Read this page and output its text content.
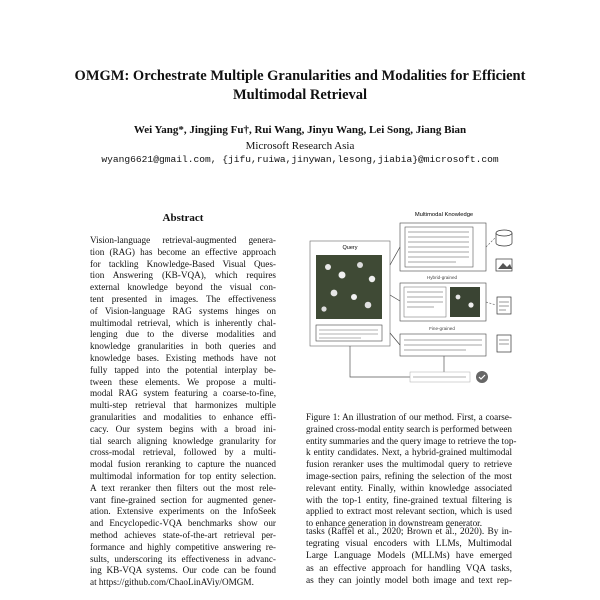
OMGM: Orchestrate Multiple Granularities and Modalities for Efficient
Multimodal Retrieval
Wei Yang*, Jingjing Fu†, Rui Wang, Jinyu Wang, Lei Song, Jiang Bian
Microsoft Research Asia
wyang6621@gmail.com, {jifu,ruiwa,jinywan,lesong,jiabia}@microsoft.com
Abstract
Vision-language retrieval-augmented genera-
tion (RAG) has become an effective approach
for tackling Knowledge-Based Visual Ques-
tion Answering (KB-VQA), which requires
external knowledge beyond the visual con-
tent presented in images. The effectiveness
of Vision-language RAG systems hinges on
multimodal retrieval, which is inherently chal-
lenging due to the diverse modalities and
knowledge granularities in both queries and
knowledge bases. Existing methods have not
fully tapped into the potential interplay be-
tween these elements. We propose a multi-
modal RAG system featuring a coarse-to-fine,
multi-step retrieval that harmonizes multiple
granularities and modalities to enhance effi-
cacy. Our system begins with a broad ini-
tial search aligning knowledge granularity for
cross-modal retrieval, followed by a multi-
modal fusion reranking to capture the nuanced
multimodal information for top entity selection.
A text reranker then filters out the most rele-
vant fine-grained section for augmented gener-
ation. Extensive experiments on the InfoSeek
and Encyclopedic-VQA benchmarks show our
method achieves state-of-the-art retrieval per-
formance and highly competitive answering re-
sults, underscoring its effectiveness in advanc-
ing KB-VQA systems. Our code can be found
at https://github.com/ChaoLinAViy/OMGM.
Multimodal Knowledge
Query
Hybrid-grained
Fine-grained
Figure 1: An illustration of our method. First, a coarse-
grained cross-modal entity search is performed between
entity summaries and the query image to retrieve the top-
k entity candidates. Next, a hybrid-grained multimodal
fusion reranker uses the multimodal query to retrieve
image-section pairs, refining the selection of the most
relevant entity. Finally, within knowledge associated
with the top-1 entity, fine-grained textual filtering is
applied to extract most relevant section, which is used
to enhance generation in downstream generator.
tasks (Raffel et al., 2020; Brown et al., 2020). By in-
tegrating visual encoders with LLMs, Multimodal
Large Language Models (MLLMs) have emerged
as an effective approach for handling VQA tasks,
as they can jointly model both image and text rep-
